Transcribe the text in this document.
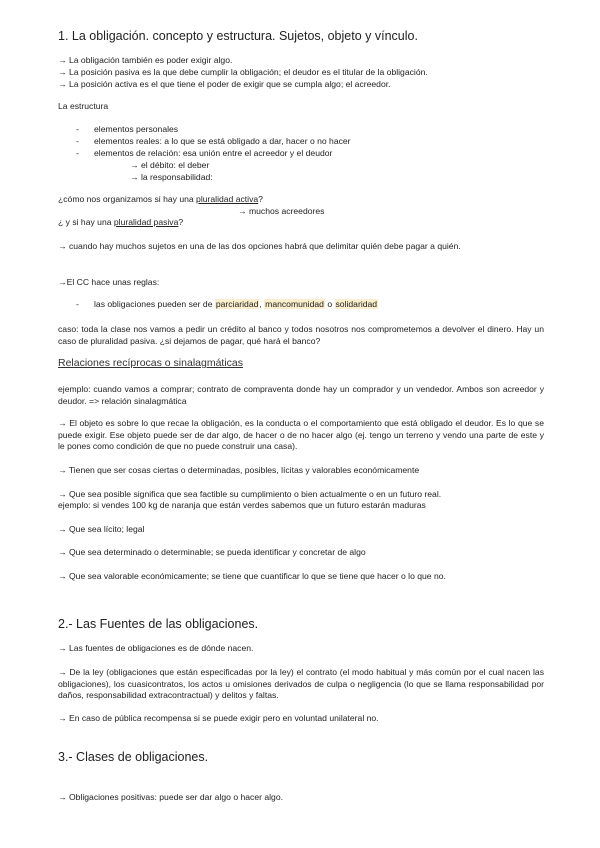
1. La obligación. concepto y estructura. Sujetos, objeto y vínculo.
→ La obligación también es poder exigir algo.
→ La posición pasiva es la que debe cumplir la obligación; el deudor es el titular de la obligación.
→ La posición activa es el que tiene el poder de exigir que se cumpla algo; el acreedor.
La estructura
- elementos personales
- elementos reales: a lo que se está obligado a dar, hacer o no hacer
- elementos de relación: esa unión entre el acreedor y el deudor
→ el débito: el deber
→ la responsabilidad:
¿cómo nos organizamos si hay una pluralidad activa?
→ muchos acreedores
¿ y si hay una pluralidad pasiva?
→ cuando hay muchos sujetos en una de las dos opciones habrá que delimitar quién debe pagar a quién.
→El CC hace unas reglas:
- las obligaciones pueden ser de parciaridad, mancomunidad o solidaridad
caso: toda la clase nos vamos a pedir un crédito al banco y todos nosotros nos comprometemos a devolver el dinero. Hay un caso de pluralidad pasiva. ¿si dejamos de pagar, qué hará el banco?
Relaciones recíprocas o sinalagmáticas
ejemplo: cuando vamos a comprar; contrato de compraventa donde hay un comprador y un vendedor. Ambos son acreedor y deudor. => relación sinalagmática
→ El objeto es sobre lo que recae la obligación, es la conducta o el comportamiento que está obligado el deudor. Es lo que se puede exigir. Ese objeto puede ser de dar algo, de hacer o de no hacer algo (ej. tengo un terreno y vendo una parte de este y le pones como condición de que no puede construir una casa).
→ Tienen que ser cosas ciertas o determinadas, posibles, lícitas y valorables económicamente
→ Que sea posible significa que sea factible su cumplimiento o bien actualmente o en un futuro real.
ejemplo: si vendes 100 kg de naranja que están verdes sabemos que un futuro estarán maduras
→ Que sea lícito; legal
→ Que sea determinado o determinable; se pueda identificar y concretar de algo
→ Que sea valorable económicamente; se tiene que cuantificar lo que se tiene que hacer o lo que no.
2.- Las Fuentes de las obligaciones.
→ Las fuentes de obligaciones es de dónde nacen.
→ De la ley (obligaciones que están especificadas por la ley) el contrato (el modo habitual y más común por el cual nacen las obligaciones), los cuasicontratos, los actos u omisiones derivados de culpa o negligencia (lo que se llama responsabilidad por daños, responsabilidad extracontractual) y delitos y faltas.
→ En caso de pública recompensa si se puede exigir pero en voluntad unilateral no.
3.- Clases de obligaciones.
→ Obligaciones positivas: puede ser dar algo o hacer algo.
